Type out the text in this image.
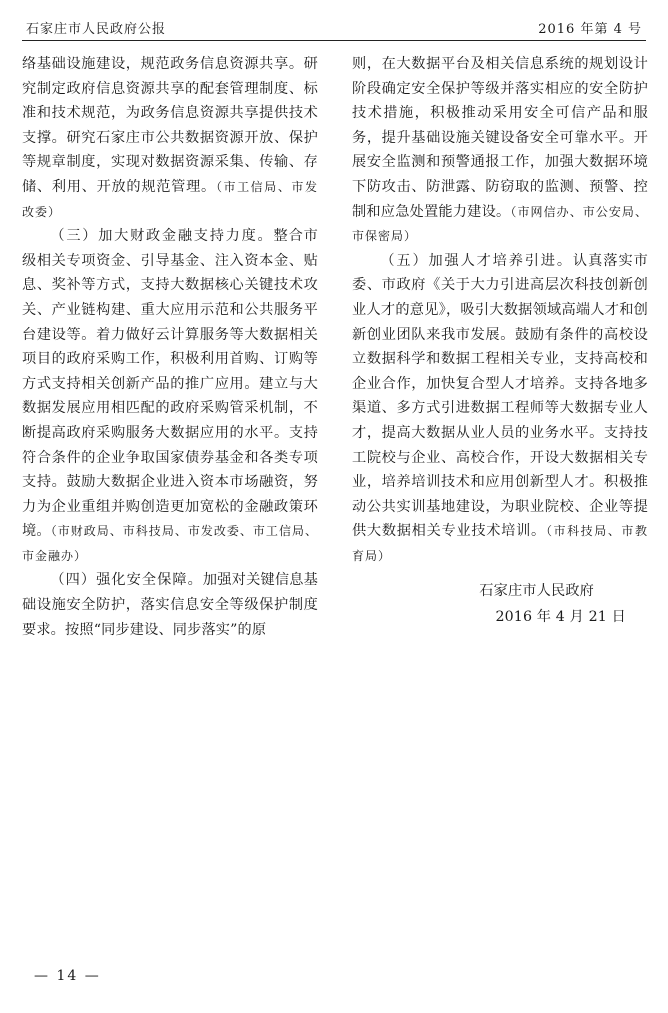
石家庄市人民政府公报	2016 年第 4 号

络基础设施建设，规范政务信息资源共享。研究制定政府信息资源共享的配套管理制度、标准和技术规范，为政务信息资源共享提供技术支撑。研究石家庄市公共数据资源开放、保护等规章制度，实现对数据资源采集、传输、存储、利用、开放的规范管理。（市工信局、市发改委）

（三）加大财政金融支持力度。整合市级相关专项资金、引导基金、注入资本金、贴息、奖补等方式，支持大数据核心关键技术攻关、产业链构建、重大应用示范和公共服务平台建设等。着力做好云计算服务等大数据相关项目的政府采购工作，积极利用首购、订购等方式支持相关创新产品的推广应用。建立与大数据发展应用相匹配的政府采购管采机制，不断提高政府采购服务大数据应用的水平。支持符合条件的企业争取国家债券基金和各类专项支持。鼓励大数据企业进入资本市场融资，努力为企业重组并购创造更加宽松的金融政策环境。（市财政局、市科技局、市发改委、市工信局、市金融办）

（四）强化安全保障。加强对关键信息基础设施安全防护，落实信息安全等级保护制度要求。按照“同步建设、同步落实”的原

则，在大数据平台及相关信息系统的规划设计阶段确定安全保护等级并落实相应的安全防护技术措施，积极推动采用安全可信产品和服务，提升基础设施关键设备安全可靠水平。开展安全监测和预警通报工作，加强大数据环境下防攻击、防泄露、防窃取的监测、预警、控制和应急处置能力建设。（市网信办、市公安局、市保密局）

（五）加强人才培养引进。认真落实市委、市政府《关于大力引进高层次科技创新创业人才的意见》，吸引大数据领域高端人才和创新创业团队来我市发展。鼓励有条件的高校设立数据科学和数据工程相关专业，支持高校和企业合作，加快复合型人才培养。支持各地多渠道、多方式引进数据工程师等大数据专业人才，提高大数据从业人员的业务水平。支持技工院校与企业、高校合作，开设大数据相关专业，培养培训技术和应用创新型人才。积极推动公共实训基地建设，为职业院校、企业等提供大数据相关专业技术培训。（市科技局、市教育局）

石家庄市人民政府
2016 年 4 月 21 日
— 14 —
